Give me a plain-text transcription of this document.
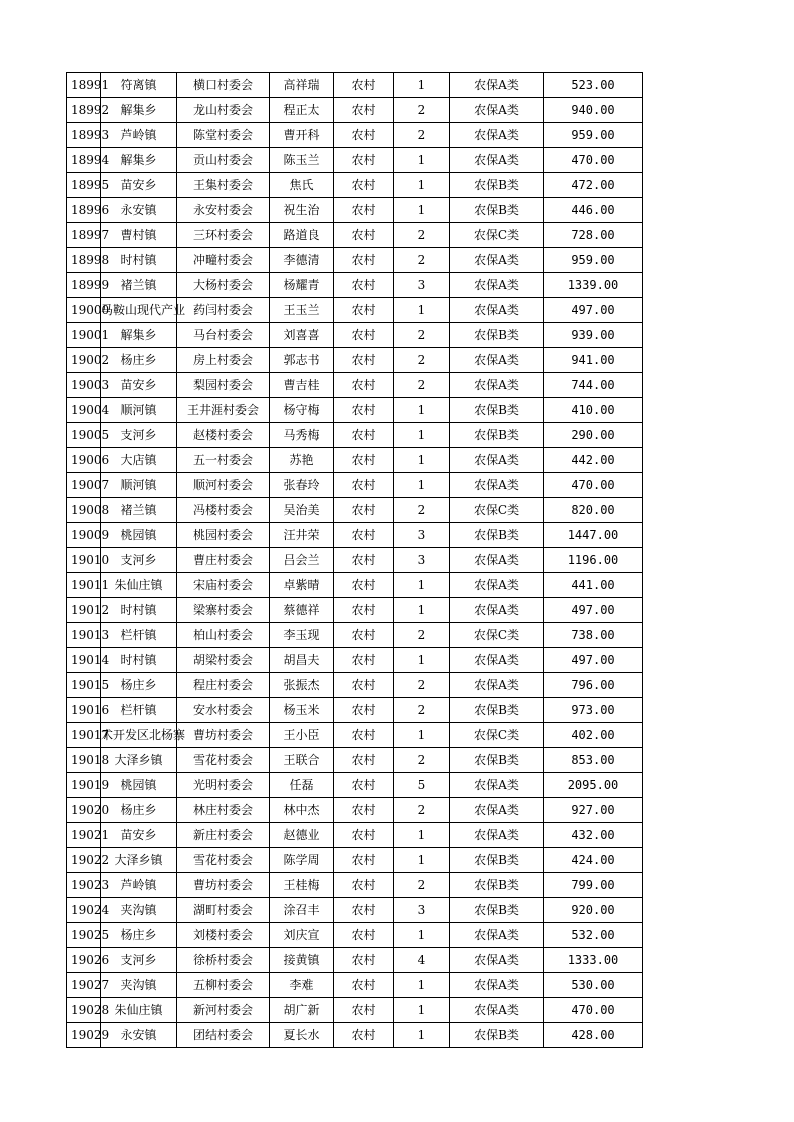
18991	符离镇	横口村委会	高祥瑞	农村	1	农保A类	523.00
18992	解集乡	龙山村委会	程正太	农村	2	农保A类	940.00
18993	芦岭镇	陈堂村委会	曹开科	农村	2	农保A类	959.00
18994	解集乡	贡山村委会	陈玉兰	农村	1	农保A类	470.00
18995	苗安乡	王集村委会	焦氏	农村	1	农保B类	472.00
18996	永安镇	永安村委会	祝生治	农村	1	农保B类	446.00
18997	曹村镇	三环村委会	路道良	农村	2	农保C类	728.00
18998	时村镇	冲疃村委会	李德清	农村	2	农保A类	959.00
18999	褚兰镇	大杨村委会	杨耀青	农村	3	农保A类	1339.00
19000	马鞍山现代产业	药闫村委会	王玉兰	农村	1	农保A类	497.00
19001	解集乡	马台村委会	刘喜喜	农村	2	农保B类	939.00
19002	杨庄乡	房上村委会	郭志书	农村	2	农保A类	941.00
19003	苗安乡	梨园村委会	曹吉桂	农村	2	农保A类	744.00
19004	顺河镇	王井涯村委会	杨守梅	农村	1	农保B类	410.00
19005	支河乡	赵楼村委会	马秀梅	农村	1	农保B类	290.00
19006	大店镇	五一村委会	苏艳	农村	1	农保A类	442.00
19007	顺河镇	顺河村委会	张春玲	农村	1	农保A类	470.00
19008	褚兰镇	冯楼村委会	吴治美	农村	2	农保C类	820.00
19009	桃园镇	桃园村委会	汪井荣	农村	3	农保B类	1447.00
19010	支河乡	曹庄村委会	吕会兰	农村	3	农保A类	1196.00
19011	朱仙庄镇	宋庙村委会	卓紫晴	农村	1	农保A类	441.00
19012	时村镇	梁寨村委会	蔡德祥	农村	1	农保A类	497.00
19013	栏杆镇	柏山村委会	李玉现	农村	2	农保C类	738.00
19014	时村镇	胡梁村委会	胡昌夫	农村	1	农保A类	497.00
19015	杨庄乡	程庄村委会	张振杰	农村	2	农保A类	796.00
19016	栏杆镇	安水村委会	杨玉米	农村	2	农保B类	973.00
19017	术开发区北杨寨	曹坊村委会	王小臣	农村	1	农保C类	402.00
19018	大泽乡镇	雪花村委会	王联合	农村	2	农保B类	853.00
19019	桃园镇	光明村委会	任磊	农村	5	农保A类	2095.00
19020	杨庄乡	林庄村委会	林中杰	农村	2	农保A类	927.00
19021	苗安乡	新庄村委会	赵德业	农村	1	农保A类	432.00
19022	大泽乡镇	雪花村委会	陈学周	农村	1	农保B类	424.00
19023	芦岭镇	曹坊村委会	王桂梅	农村	2	农保B类	799.00
19024	夹沟镇	湖町村委会	涂召丰	农村	3	农保B类	920.00
19025	杨庄乡	刘楼村委会	刘庆宣	农村	1	农保A类	532.00
19026	支河乡	徐桥村委会	接黄镇	农村	4	农保A类	1333.00
19027	夹沟镇	五柳村委会	李难	农村	1	农保A类	530.00
19028	朱仙庄镇	新河村委会	胡广新	农村	1	农保A类	470.00
19029	永安镇	团结村委会	夏长水	农村	1	农保B类	428.00
